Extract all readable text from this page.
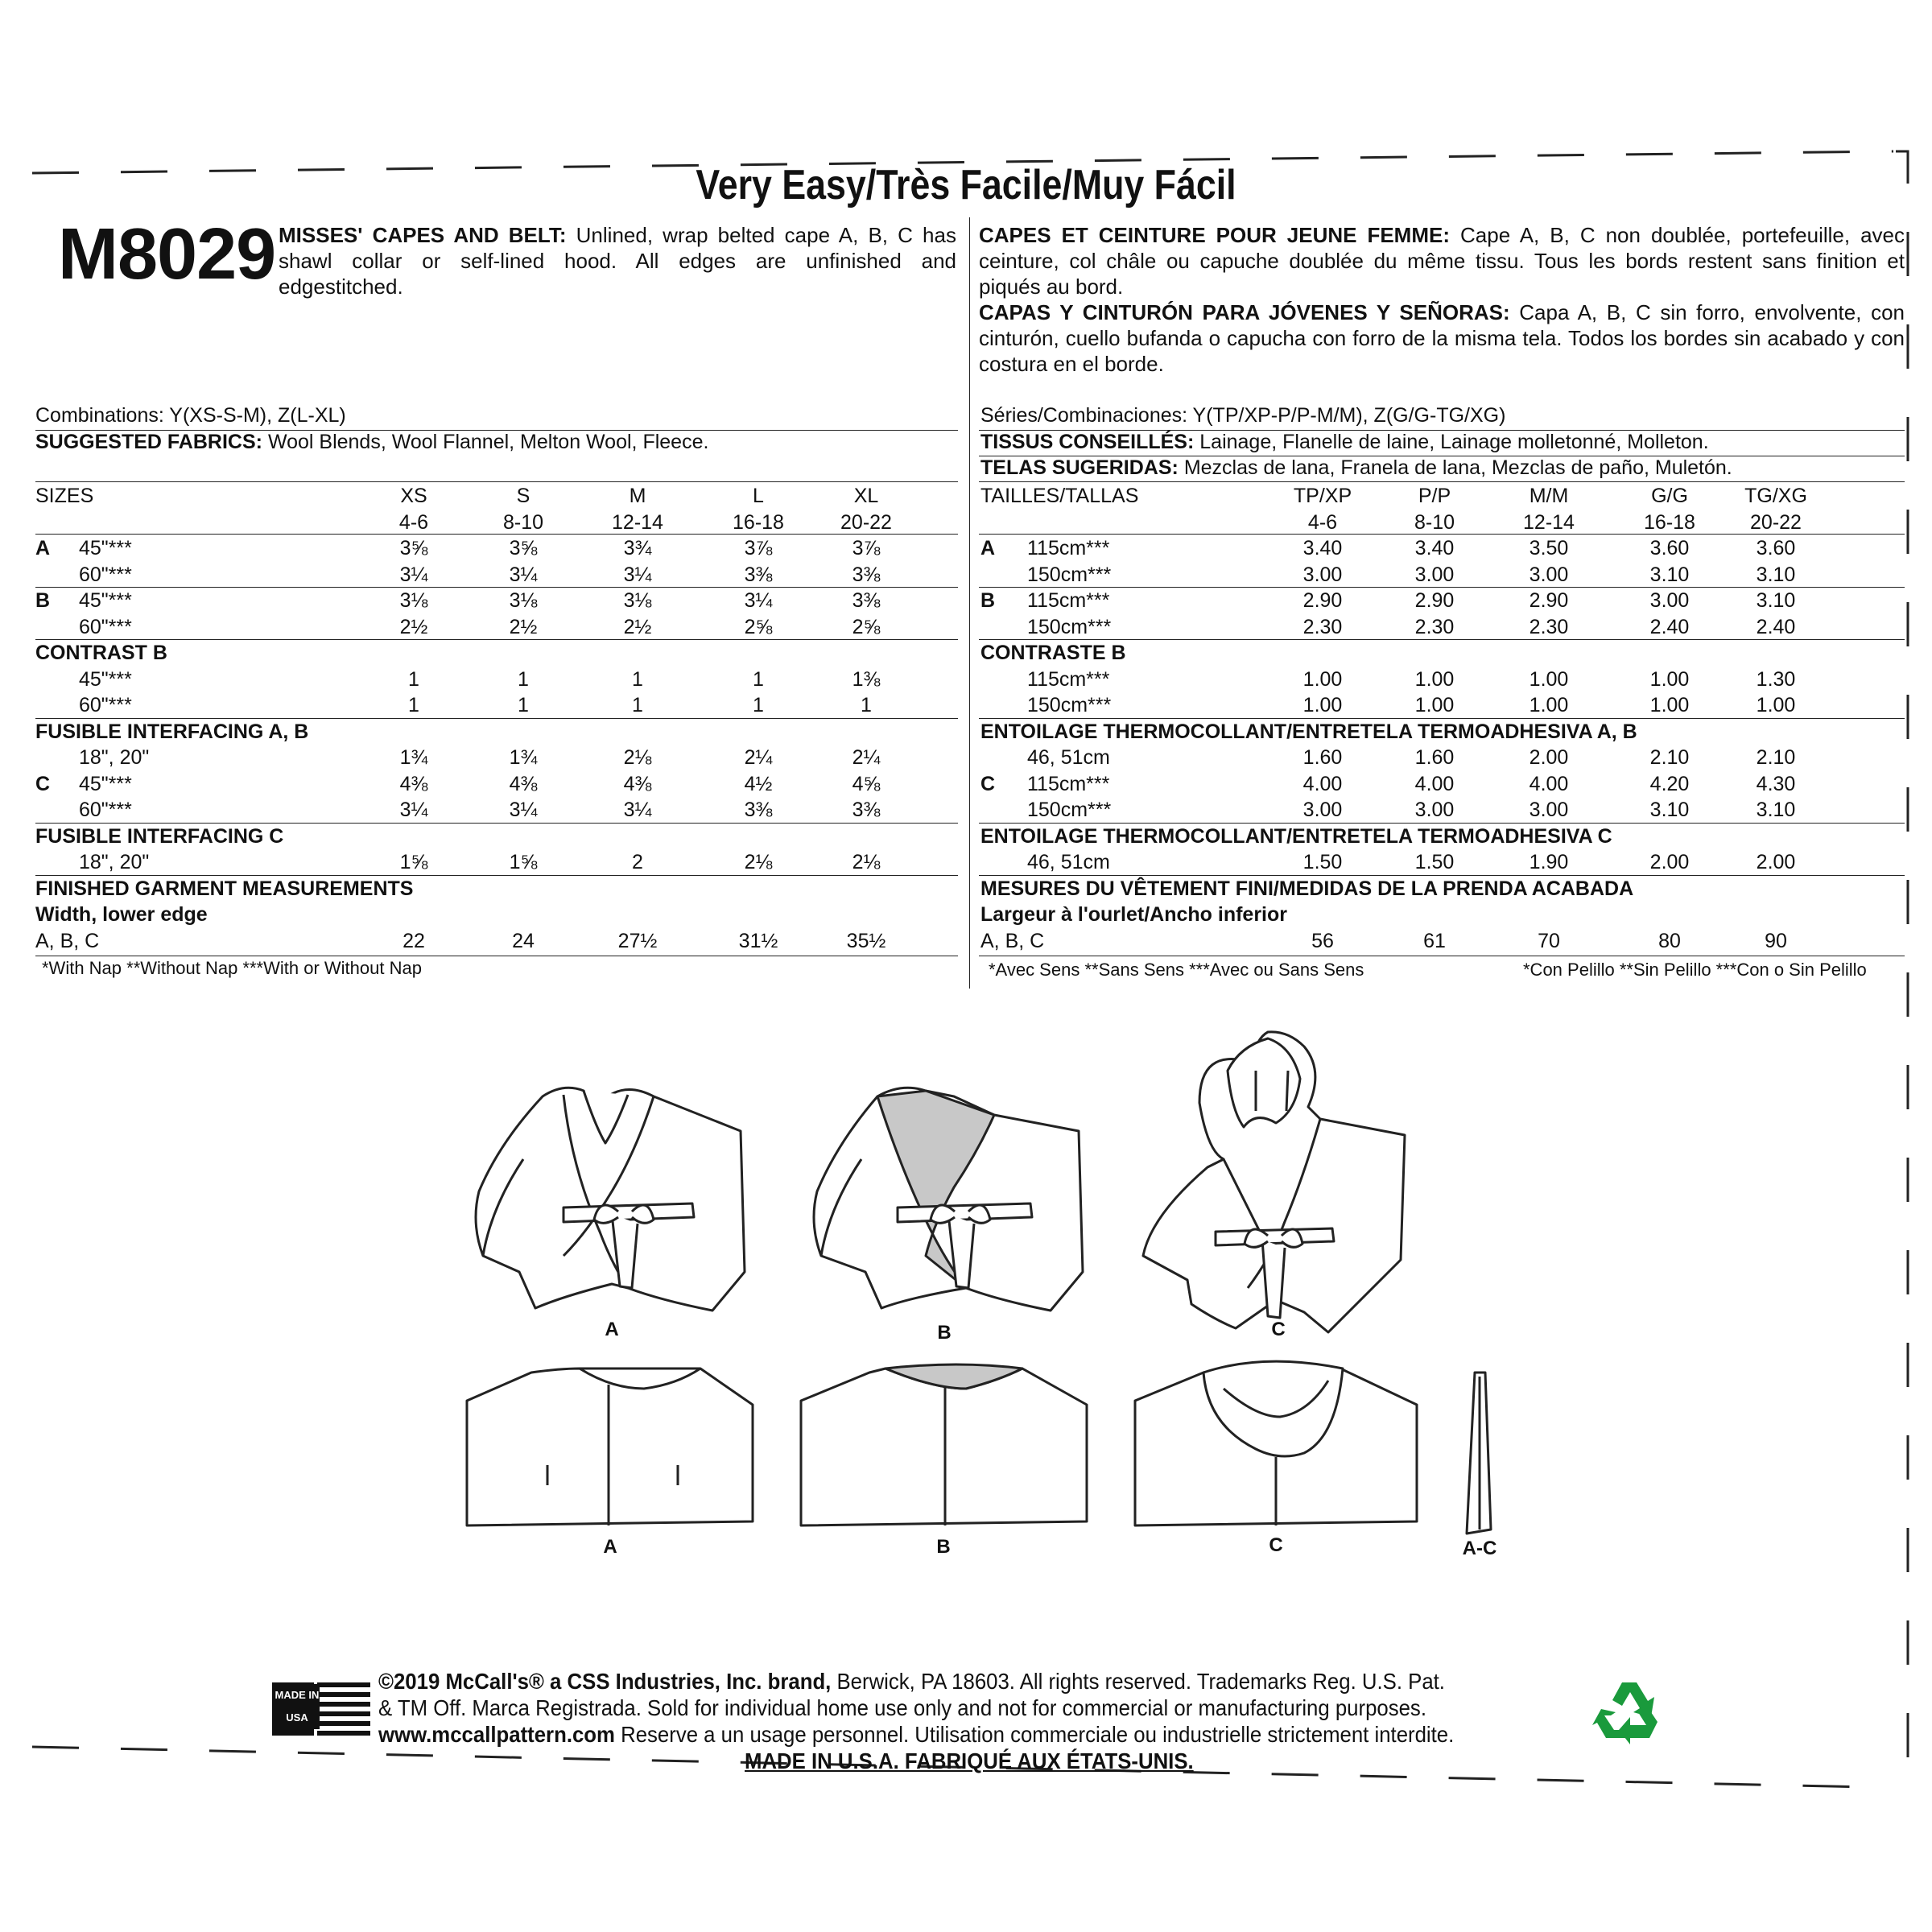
Very Easy/Très Facile/Muy Fácil
M8029 MISSES' CAPES AND BELT: Unlined, wrap belted cape A, B, C has shawl collar or self-lined hood. All edges are unfinished and edgestitched.
CAPES ET CEINTURE POUR JEUNE FEMME: Cape A, B, C non doublée, portefeuille, avec ceinture, col châle ou capuche doublée du même tissu. Tous les bords restent sans finition et piqués au bord.
CAPAS Y CINTURÓN PARA JÓVENES Y SEÑORAS: Capa A, B, C sin forro, envolvente, con cinturón, cuello bufanda o capucha con forro de la misma tela. Todos los bordes sin acabado y con costura en el borde.
Combinations: Y(XS-S-M), Z(L-XL)
SUGGESTED FABRICS: Wool Blends, Wool Flannel, Melton Wool, Fleece.
Séries/Combinaciones: Y(TP/XP-P/P-M/M), Z(G/G-TG/XG)
TISSUS CONSEILLÉS: Lainage, Flanelle de laine, Lainage molletonné, Molleton.
TELAS SUGERIDAS: Mezclas de lana, Franela de lana, Mezclas de paño, Muletón.
SIZES	XS	S	M	L	XL
4-6	8-10	12-14	16-18	20-22
A 45"***	3⅝	3⅝	3¾	3⅞	3⅞
60"***	3¼	3¼	3¼	3⅜	3⅜
B 45"***	3⅛	3⅛	3⅛	3¼	3⅜
60"***	2½	2½	2½	2⅝	2⅝
CONTRAST B
45"***	1	1	1	1	1⅜
60"***	1	1	1	1	1
FUSIBLE INTERFACING A, B
18", 20"	1¾	1¾	2⅛	2¼	2¼
C 45"***	4⅜	4⅜	4⅜	4½	4⅝
60"***	3¼	3¼	3¼	3⅜	3⅜
FUSIBLE INTERFACING C
18", 20"	1⅝	1⅝	2	2⅛	2⅛
FINISHED GARMENT MEASUREMENTS
Width, lower edge
A, B, C	22	24	27½	31½	35½
TAILLES/TALLAS	TP/XP	P/P	M/M	G/G	TG/XG
4-6	8-10	12-14	16-18	20-22
A 115cm***	3.40	3.40	3.50	3.60	3.60
150cm***	3.00	3.00	3.00	3.10	3.10
B 115cm***	2.90	2.90	2.90	3.00	3.10
150cm***	2.30	2.30	2.30	2.40	2.40
CONTRASTE B
115cm***	1.00	1.00	1.00	1.00	1.30
150cm***	1.00	1.00	1.00	1.00	1.00
ENTOILAGE THERMOCOLLANT/ENTRETELA TERMOADHESIVA A, B
46, 51cm	1.60	1.60	2.00	2.10	2.10
C 115cm***	4.00	4.00	4.00	4.20	4.30
150cm***	3.00	3.00	3.00	3.10	3.10
ENTOILAGE THERMOCOLLANT/ENTRETELA TERMOADHESIVA C
46, 51cm	1.50	1.50	1.90	2.00	2.00
MESURES DU VÊTEMENT FINI/MEDIDAS DE LA PRENDA ACABADA
Largeur à l'ourlet/Ancho inferior
A, B, C	56	61	70	80	90
*With Nap **Without Nap ***With or Without Nap	*Avec Sens **Sans Sens ***Avec ou Sans Sens	*Con Pelillo **Sin Pelillo ***Con o Sin Pelillo
A	B	C
A	B	C	A-C
MADE IN USA
©2019 McCall's® a CSS Industries, Inc. brand, Berwick, PA 18603. All rights reserved. Trademarks Reg. U.S. Pat.
& TM Off. Marca Registrada. Sold for individual home use only and not for commercial or manufacturing purposes.
www.mccallpattern.com Reserve a un usage personnel. Utilisation commerciale ou industrielle strictement interdite.
MADE IN U.S.A. FABRIQUÉ AUX ÉTATS-UNIS.
